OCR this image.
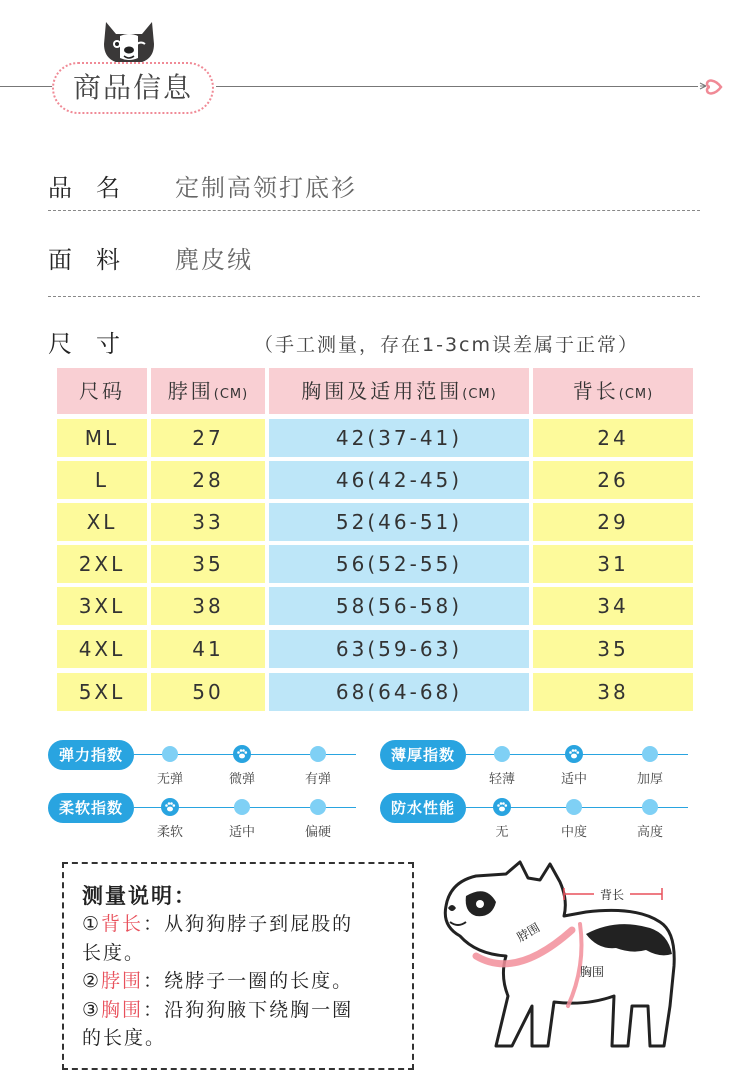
商品信息
品　名 定制高领打底衫
面　料 麂皮绒
尺　寸	（手工测量，存在1-3cm误差属于正常）
尺码	脖围(CM)	胸围及适用范围(CM)	背长(CM)
ML	27	42(37-41)	24
L	28	46(42-45)	26
XL	33	52(46-51)	29
2XL	35	56(52-55)	31
3XL	38	58(56-58)	34
4XL	41	63(59-63)	35
5XL	50	68(64-68)	38
弹力指数
无弹	微弹	有弹
薄厚指数
轻薄	适中	加厚
柔软指数
柔软	适中	偏硬
防水性能
无	中度	高度
测量说明：
①背长：从狗狗脖子到屁股的
长度。
②脖围：绕脖子一圈的长度。
③胸围：沿狗狗腋下绕胸一圈
的长度。
背长
脖围
胸围
